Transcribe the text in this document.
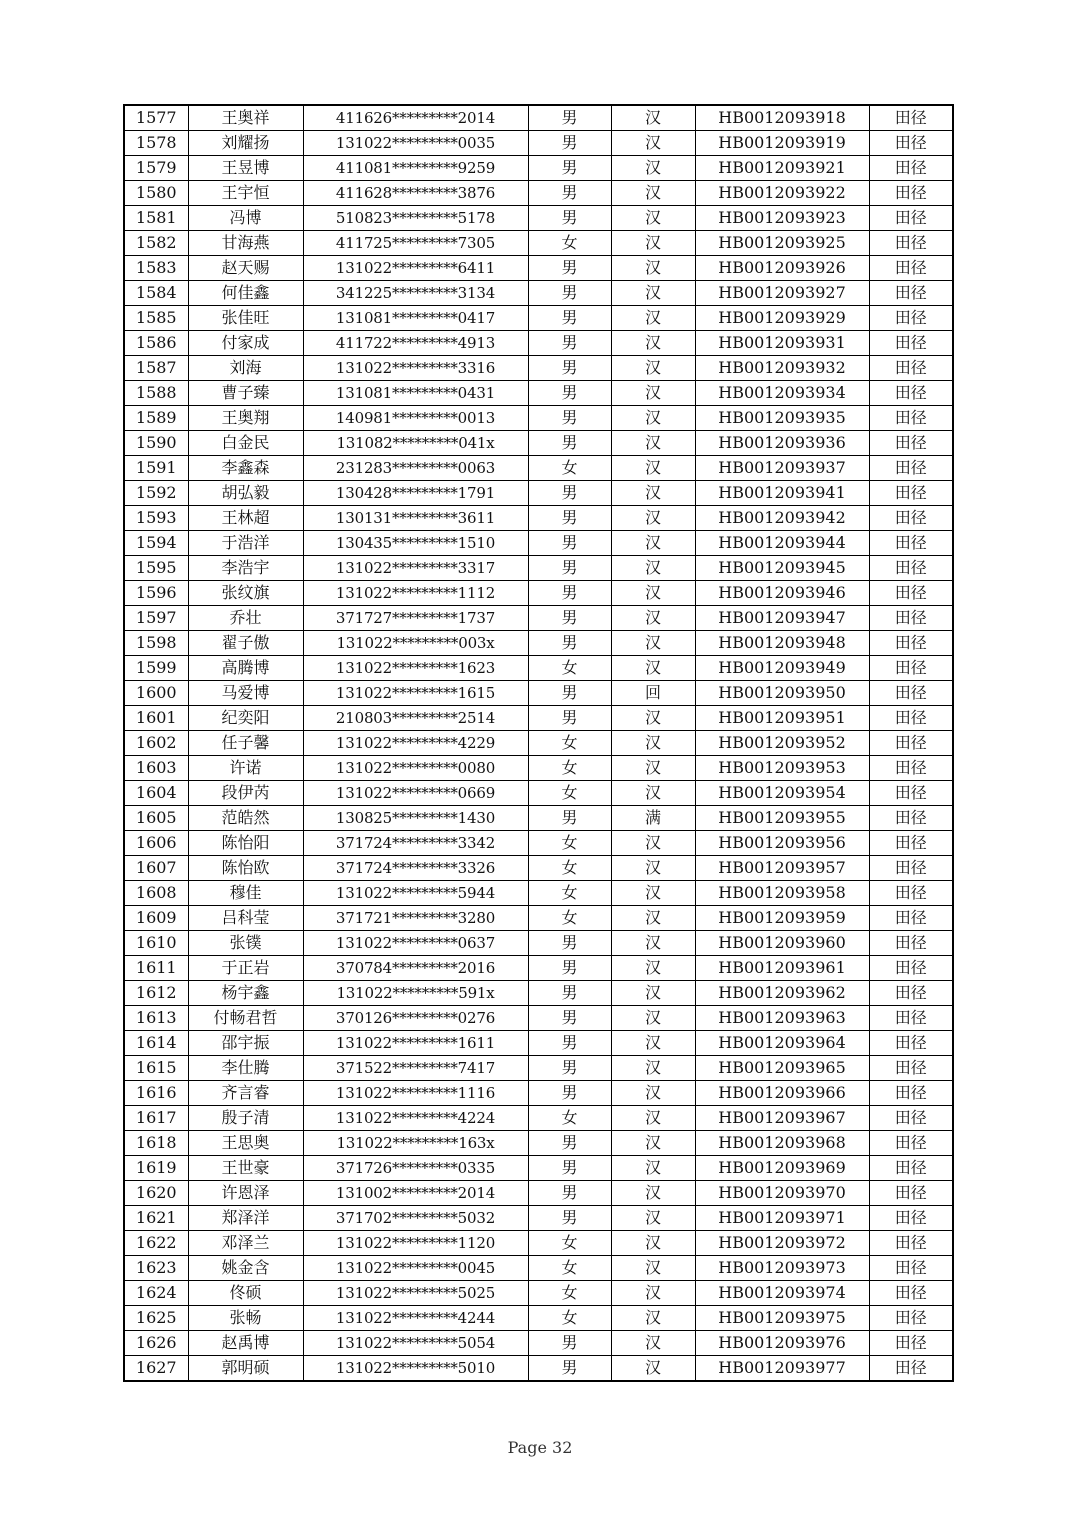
1577	王奥祥	411626*********2014	男	汉	HB0012093918	田径
1578	刘耀扬	131022*********0035	男	汉	HB0012093919	田径
1579	王昱博	411081*********9259	男	汉	HB0012093921	田径
1580	王宇恒	411628*********3876	男	汉	HB0012093922	田径
1581	冯博	510823*********5178	男	汉	HB0012093923	田径
1582	甘海燕	411725*********7305	女	汉	HB0012093925	田径
1583	赵天赐	131022*********6411	男	汉	HB0012093926	田径
1584	何佳鑫	341225*********3134	男	汉	HB0012093927	田径
1585	张佳旺	131081*********0417	男	汉	HB0012093929	田径
1586	付家成	411722*********4913	男	汉	HB0012093931	田径
1587	刘海	131022*********3316	男	汉	HB0012093932	田径
1588	曹子臻	131081*********0431	男	汉	HB0012093934	田径
1589	王奥翔	140981*********0013	男	汉	HB0012093935	田径
1590	白金民	131082*********041x	男	汉	HB0012093936	田径
1591	李鑫森	231283*********0063	女	汉	HB0012093937	田径
1592	胡弘毅	130428*********1791	男	汉	HB0012093941	田径
1593	王林超	130131*********3611	男	汉	HB0012093942	田径
1594	于浩洋	130435*********1510	男	汉	HB0012093944	田径
1595	李浩宇	131022*********3317	男	汉	HB0012093945	田径
1596	张纹旗	131022*********1112	男	汉	HB0012093946	田径
1597	乔壮	371727*********1737	男	汉	HB0012093947	田径
1598	翟子傲	131022*********003x	男	汉	HB0012093948	田径
1599	高腾博	131022*********1623	女	汉	HB0012093949	田径
1600	马爱博	131022*********1615	男	回	HB0012093950	田径
1601	纪奕阳	210803*********2514	男	汉	HB0012093951	田径
1602	任子馨	131022*********4229	女	汉	HB0012093952	田径
1603	许诺	131022*********0080	女	汉	HB0012093953	田径
1604	段伊芮	131022*********0669	女	汉	HB0012093954	田径
1605	范皓然	130825*********1430	男	满	HB0012093955	田径
1606	陈怡阳	371724*********3342	女	汉	HB0012093956	田径
1607	陈怡欧	371724*********3326	女	汉	HB0012093957	田径
1608	穆佳	131022*********5944	女	汉	HB0012093958	田径
1609	吕科莹	371721*********3280	女	汉	HB0012093959	田径
1610	张镤	131022*********0637	男	汉	HB0012093960	田径
1611	于正岩	370784*********2016	男	汉	HB0012093961	田径
1612	杨宇鑫	131022*********591x	男	汉	HB0012093962	田径
1613	付畅君哲	370126*********0276	男	汉	HB0012093963	田径
1614	邵宇振	131022*********1611	男	汉	HB0012093964	田径
1615	李仕腾	371522*********7417	男	汉	HB0012093965	田径
1616	齐言睿	131022*********1116	男	汉	HB0012093966	田径
1617	殷子清	131022*********4224	女	汉	HB0012093967	田径
1618	王思奥	131022*********163x	男	汉	HB0012093968	田径
1619	王世豪	371726*********0335	男	汉	HB0012093969	田径
1620	许恩泽	131002*********2014	男	汉	HB0012093970	田径
1621	郑泽洋	371702*********5032	男	汉	HB0012093971	田径
1622	邓泽兰	131022*********1120	女	汉	HB0012093972	田径
1623	姚金含	131022*********0045	女	汉	HB0012093973	田径
1624	佟硕	131022*********5025	女	汉	HB0012093974	田径
1625	张畅	131022*********4244	女	汉	HB0012093975	田径
1626	赵禹博	131022*********5054	男	汉	HB0012093976	田径
1627	郭明硕	131022*********5010	男	汉	HB0012093977	田径
Page 32
